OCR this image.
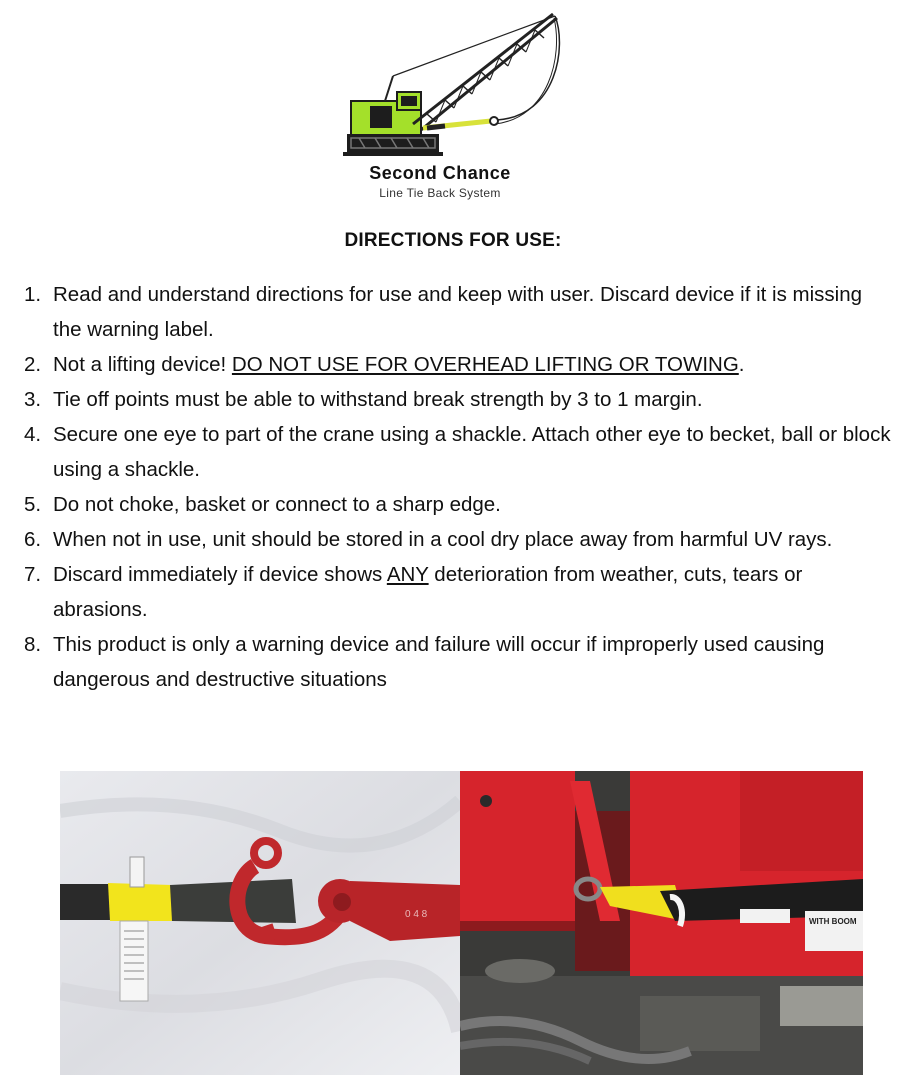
Second Chance
Line Tie Back System
DIRECTIONS FOR USE:
1. Read and understand directions for use and keep with user. Discard device if it is missing the warning label.
2. Not a lifting device! DO NOT USE FOR OVERHEAD LIFTING OR TOWING.
3. Tie off points must be able to withstand break strength by 3 to 1 margin.
4. Secure one eye to part of the crane using a shackle. Attach other eye to becket, ball or block using a shackle.
5. Do not choke, basket or connect to a sharp edge.
6. When not in use, unit should be stored in a cool dry place away from harmful UV rays.
7. Discard immediately if device shows ANY deterioration from weather, cuts, tears or abrasions.
8. This product is only a warning device and failure will occur if improperly used causing dangerous and destructive situations
0 4 8
WITH BOOM
